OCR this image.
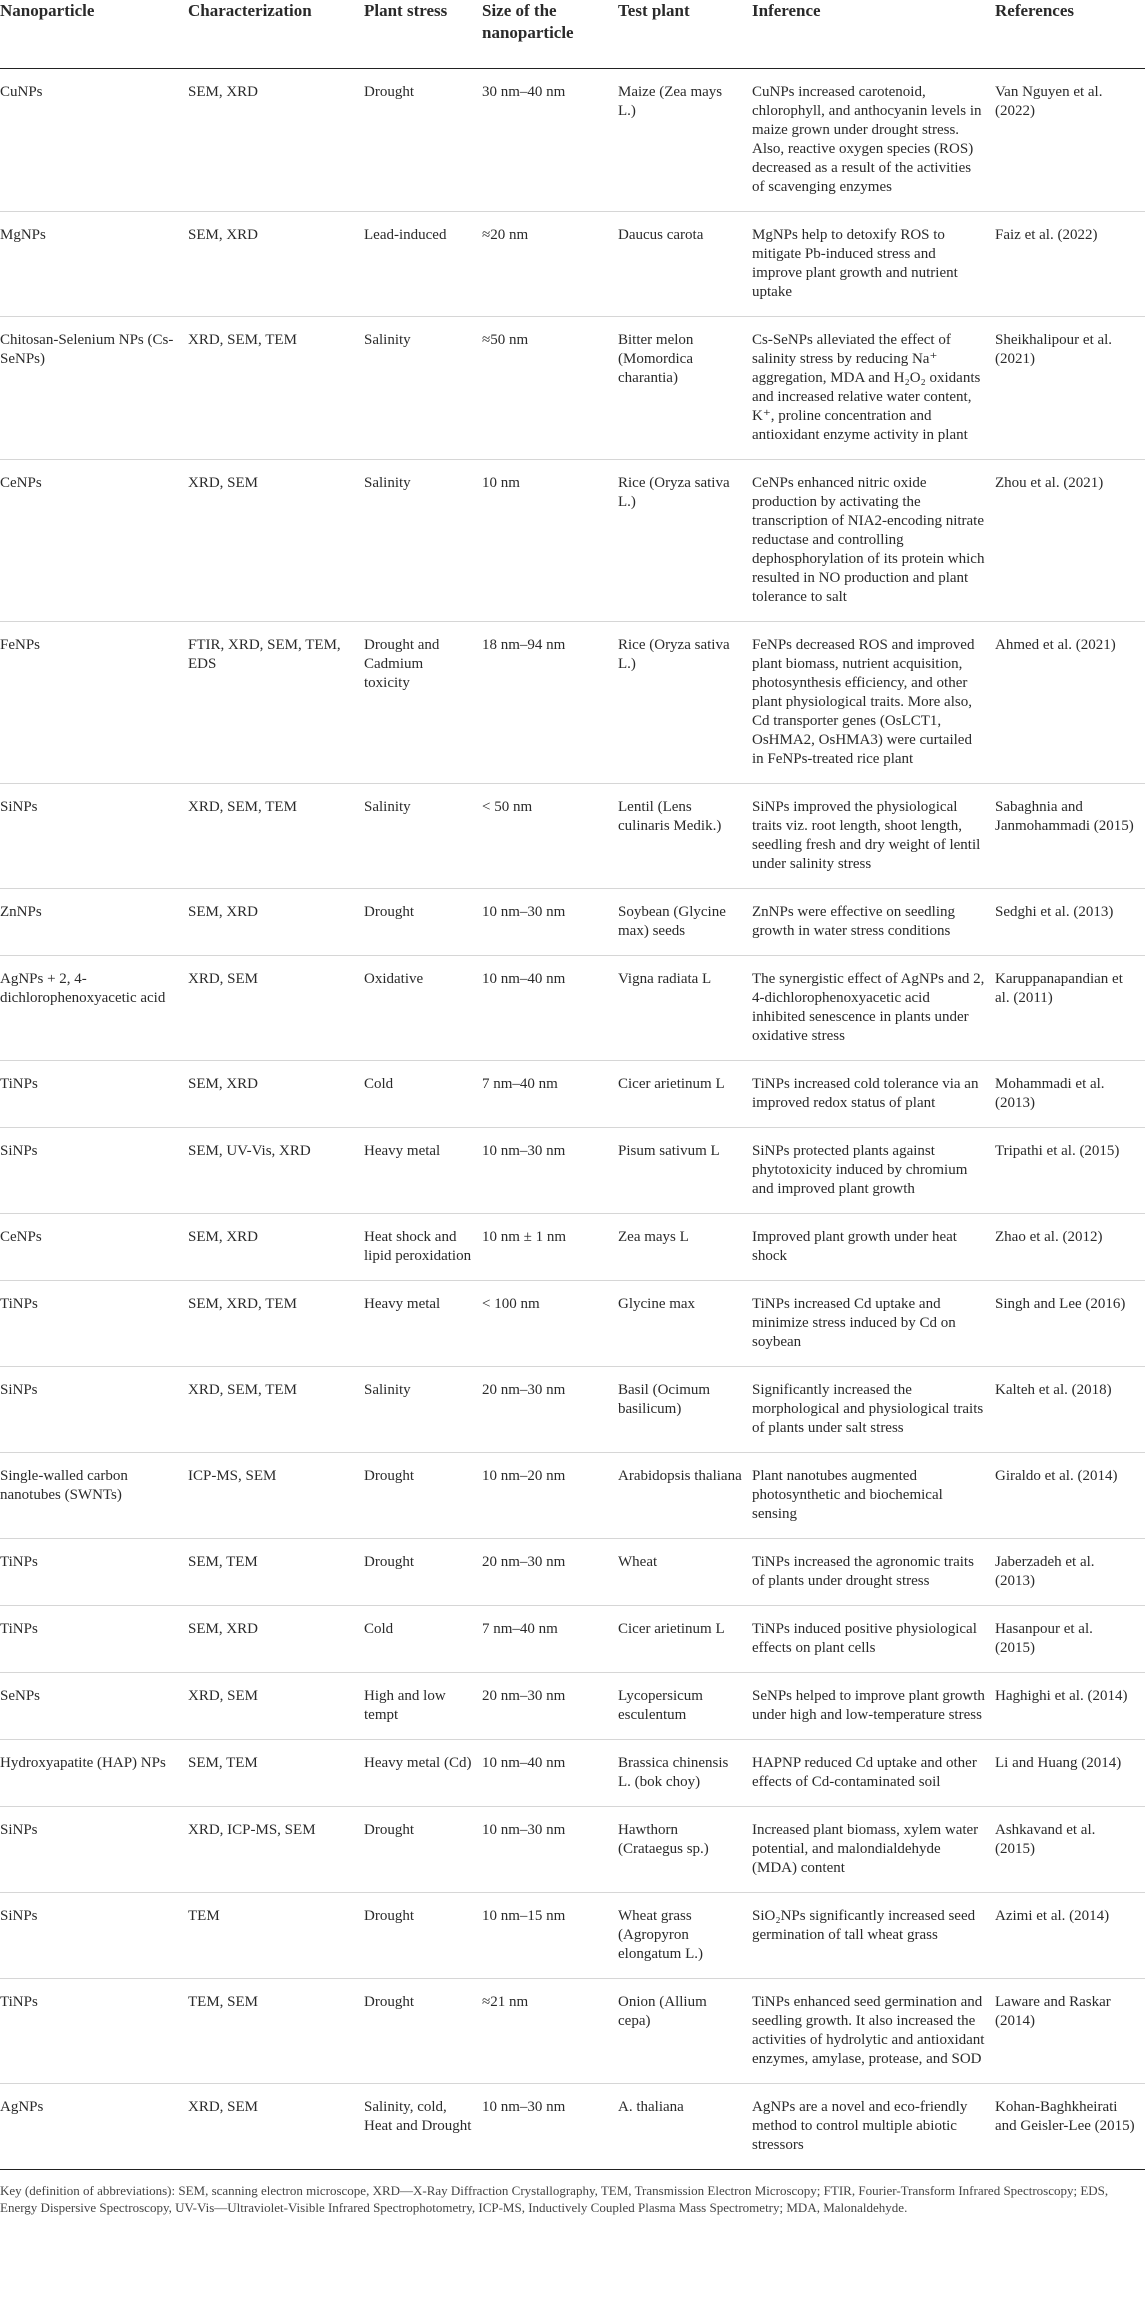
Nanoparticle	Characterization	Plant stress	Size of the nanoparticle	Test plant	Inference	References
CuNPs	SEM, XRD	Drought	30 nm–40 nm	Maize (Zea mays L.)	CuNPs increased carotenoid, chlorophyll, and anthocyanin levels in maize grown under drought stress. Also, reactive oxygen species (ROS) decreased as a result of the activities of scavenging enzymes	Van Nguyen et al. (2022)
MgNPs	SEM, XRD	Lead-induced	≈20 nm	Daucus carota	MgNPs help to detoxify ROS to mitigate Pb-induced stress and improve plant growth and nutrient uptake	Faiz et al. (2022)
Chitosan-Selenium NPs (Cs-SeNPs)	XRD, SEM, TEM	Salinity	≈50 nm	Bitter melon (Momordica charantia)	Cs-SeNPs alleviated the effect of salinity stress by reducing Na⁺ aggregation, MDA and H₂O₂ oxidants and increased relative water content, K⁺, proline concentration and antioxidant enzyme activity in plant	Sheikhalipour et al. (2021)
CeNPs	XRD, SEM	Salinity	10 nm	Rice (Oryza sativa L.)	CeNPs enhanced nitric oxide production by activating the transcription of NIA2-encoding nitrate reductase and controlling dephosphorylation of its protein which resulted in NO production and plant tolerance to salt	Zhou et al. (2021)
FeNPs	FTIR, XRD, SEM, TEM, EDS	Drought and Cadmium toxicity	18 nm–94 nm	Rice (Oryza sativa L.)	FeNPs decreased ROS and improved plant biomass, nutrient acquisition, photosynthesis efficiency, and other plant physiological traits. More also, Cd transporter genes (OsLCT1, OsHMA2, OsHMA3) were curtailed in FeNPs-treated rice plant	Ahmed et al. (2021)
SiNPs	XRD, SEM, TEM	Salinity	< 50 nm	Lentil (Lens culinaris Medik.)	SiNPs improved the physiological traits viz. root length, shoot length, seedling fresh and dry weight of lentil under salinity stress	Sabaghnia and Janmohammadi (2015)
ZnNPs	SEM, XRD	Drought	10 nm–30 nm	Soybean (Glycine max) seeds	ZnNPs were effective on seedling growth in water stress conditions	Sedghi et al. (2013)
AgNPs + 2, 4-dichlorophenoxyacetic acid	XRD, SEM	Oxidative	10 nm–40 nm	Vigna radiata L	The synergistic effect of AgNPs and 2, 4-dichlorophenoxyacetic acid inhibited senescence in plants under oxidative stress	Karuppanapandian et al. (2011)
TiNPs	SEM, XRD	Cold	7 nm–40 nm	Cicer arietinum L	TiNPs increased cold tolerance via an improved redox status of plant	Mohammadi et al. (2013)
SiNPs	SEM, UV-Vis, XRD	Heavy metal	10 nm–30 nm	Pisum sativum L	SiNPs protected plants against phytotoxicity induced by chromium and improved plant growth	Tripathi et al. (2015)
CeNPs	SEM, XRD	Heat shock and lipid peroxidation	10 nm ± 1 nm	Zea mays L	Improved plant growth under heat shock	Zhao et al. (2012)
TiNPs	SEM, XRD, TEM	Heavy metal	< 100 nm	Glycine max	TiNPs increased Cd uptake and minimize stress induced by Cd on soybean	Singh and Lee (2016)
SiNPs	XRD, SEM, TEM	Salinity	20 nm–30 nm	Basil (Ocimum basilicum)	Significantly increased the morphological and physiological traits of plants under salt stress	Kalteh et al. (2018)
Single-walled carbon nanotubes (SWNTs)	ICP-MS, SEM	Drought	10 nm–20 nm	Arabidopsis thaliana	Plant nanotubes augmented photosynthetic and biochemical sensing	Giraldo et al. (2014)
TiNPs	SEM, TEM	Drought	20 nm–30 nm	Wheat	TiNPs increased the agronomic traits of plants under drought stress	Jaberzadeh et al. (2013)
TiNPs	SEM, XRD	Cold	7 nm–40 nm	Cicer arietinum L	TiNPs induced positive physiological effects on plant cells	Hasanpour et al. (2015)
SeNPs	XRD, SEM	High and low tempt	20 nm–30 nm	Lycopersicum esculentum	SeNPs helped to improve plant growth under high and low-temperature stress	Haghighi et al. (2014)
Hydroxyapatite (HAP) NPs	SEM, TEM	Heavy metal (Cd)	10 nm–40 nm	Brassica chinensis L. (bok choy)	HAPNP reduced Cd uptake and other effects of Cd-contaminated soil	Li and Huang (2014)
SiNPs	XRD, ICP-MS, SEM	Drought	10 nm–30 nm	Hawthorn (Crataegus sp.)	Increased plant biomass, xylem water potential, and malondialdehyde (MDA) content	Ashkavand et al. (2015)
SiNPs	TEM	Drought	10 nm–15 nm	Wheat grass (Agropyron elongatum L.)	SiO₂NPs significantly increased seed germination of tall wheat grass	Azimi et al. (2014)
TiNPs	TEM, SEM	Drought	≈21 nm	Onion (Allium cepa)	TiNPs enhanced seed germination and seedling growth. It also increased the activities of hydrolytic and antioxidant enzymes, amylase, protease, and SOD	Laware and Raskar (2014)
AgNPs	XRD, SEM	Salinity, cold, Heat and Drought	10 nm–30 nm	A. thaliana	AgNPs are a novel and eco-friendly method to control multiple abiotic stressors	Kohan-Baghkheirati and Geisler-Lee (2015)
Key (definition of abbreviations): SEM, scanning electron microscope, XRD—X-Ray Diffraction Crystallography, TEM, Transmission Electron Microscopy; FTIR, Fourier-Transform Infrared Spectroscopy; EDS, Energy Dispersive Spectroscopy, UV-Vis—Ultraviolet-Visible Infrared Spectrophotometry, ICP-MS, Inductively Coupled Plasma Mass Spectrometry; MDA, Malonaldehyde.
